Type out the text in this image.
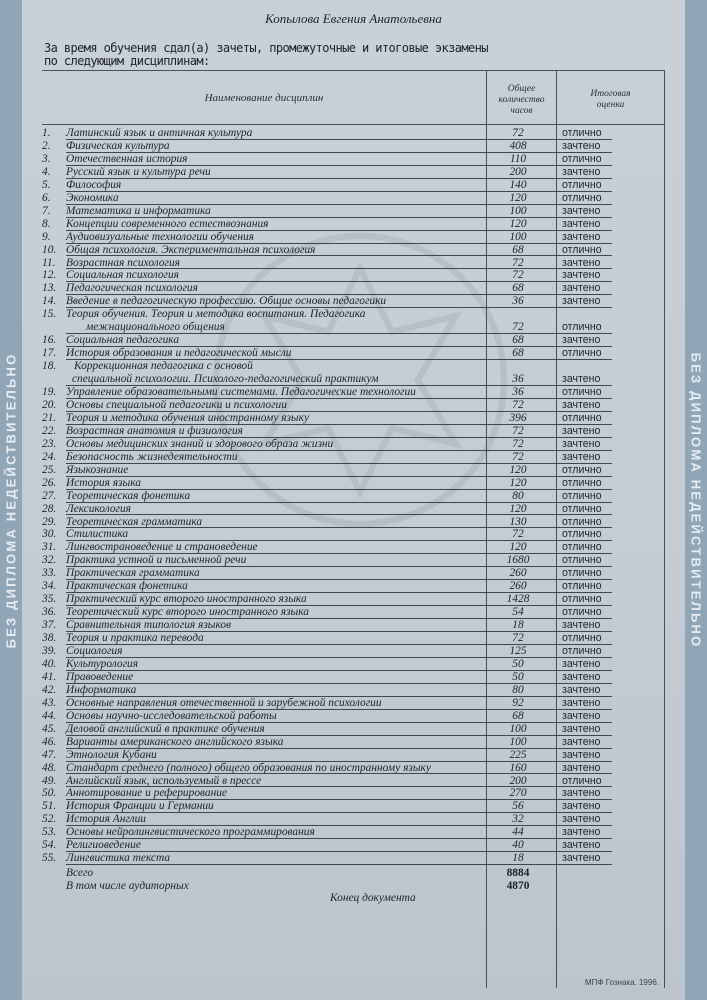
БЕЗ ДИПЛОМА НЕДЕЙСТВИТЕЛЬНО	БЕЗ ДИПЛОМА НЕДЕЙСТВИТЕЛЬНО
Копылова Евгения Анатольевна
За время обучения сдал(а) зачеты, промежуточные и итоговые экзамены
по следующим дисциплинам:
Наименование дисциплин
Общее
количество
часов
Итоговая
оценка
1.	Латинский язык и античная культура	72	отлично
2.	Физическая культура	408	зачтено
3.	Отечественная история	110	отлично
4.	Русский язык и культура речи	200	зачтено
5.	Философия	140	отлично
6.	Экономика	120	отлично
7.	Математика и информатика	100	зачтено
8.	Концепции современного естествознания	120	зачтено
9.	Аудиовизуальные технологии обучения	100	зачтено
10. Общая психология. Экспериментальная психология	68	отлично
11. Возрастная психология	72	зачтено
12. Социальная психология	72	зачтено
13. Педагогическая психология	68	зачтено
14. Введение в педагогическую профессию. Общие основы педагогики	36	зачтено
15. Теория обучения. Теория и методика воспитания. Педагогика
межнационального общения	72	отлично
16. Социальная педагогика	68	зачтено
17. История образования и педагогической мысли	68	отлично
18.	Коррекционная педагогика с основой
специальной психологии. Психолого-педагогический практикум	36	зачтено
19. Управление образовательными системами. Педагогические технологии	36	отлично
20. Основы специальной педагогики и психологии	72	зачтено
21. Теория и методика обучения иностранному языку	396	отлично
22. Возрастная анатомия и физиология	72	зачтено
23. Основы медицинских знаний и здорового образа жизни	72	зачтено
24. Безопасность жизнедеятельности	72	зачтено
25. Языкознание	120	отлично
26. История языка	120	отлично
27. Теоретическая фонетика	80	отлично
28. Лексикология	120	отлично
29. Теоретическая грамматика	130	отлично
30. Стилистика	72	отлично
31. Лингвострановедение и страноведение	120	отлично
32. Практика устной и письменной речи	1680	отлично
33. Практическая грамматика	260	отлично
34. Практическая фонетика	260	отлично
35. Практический курс второго иностранного языка	1428	отлично
36. Теоретический курс второго иностранного языка	54	отлично
37. Сравнительная типология языков	18	зачтено
38. Теория и практика перевода	72	отлично
39. Социология	125	отлично
40. Культурология	50	зачтено
41. Правоведение	50	зачтено
42. Информатика	80	зачтено
43. Основные направления отечественной и зарубежной психологии	92	зачтено
44. Основы научно-исследовательской работы	68	зачтено
45. Деловой английский в практике обучения	100	зачтено
46. Варианты американского английского языка	100	зачтено
47. Этнология Кубани	225	зачтено
48. Стандарт среднего (полного) общего образования по иностранному языку	160	зачтено
49. Английский язык, используемый в прессе	200	отлично
50. Аннотирование и реферирование	270	зачтено
51. История Франции и Германии	56	зачтено
52. История Англии	32	зачтено
53. Основы нейролингвистического программирования	44	зачтено
54. Религиоведение	40	зачтено
55. Лингвистика текста	18	зачтено
Всего	8884
В том числе аудиторных	4870
Конец документа
МПФ Гознака. 1996.
